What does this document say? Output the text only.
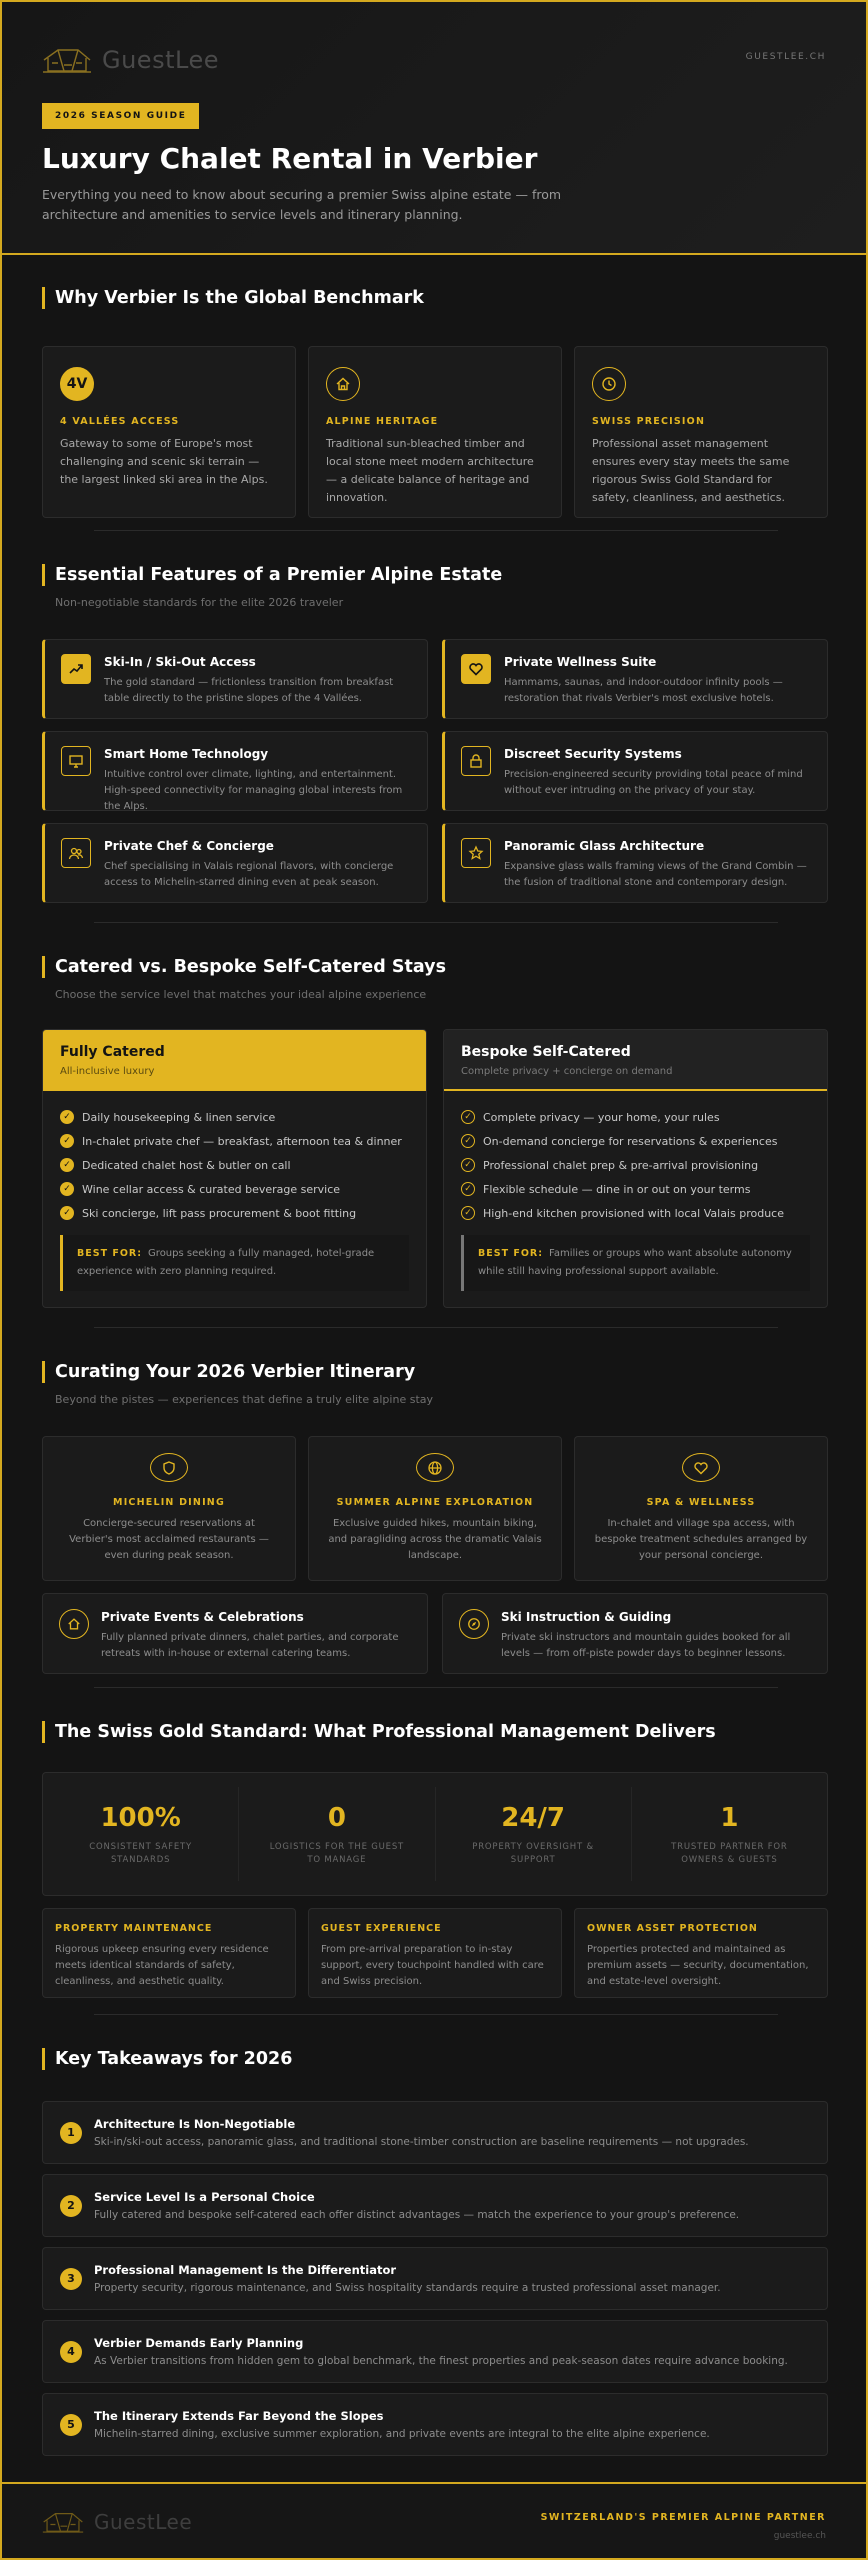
GuestLee	GUESTLEE.CH
2026 SEASON GUIDE
Luxury Chalet Rental in Verbier

Everything you need to know about securing a premier Swiss alpine estate — from architecture and amenities to service levels and itinerary planning.

Why Verbier Is the Global Benchmark
4V
4 VALLÉES ACCESS
Gateway to some of Europe's most challenging and scenic ski terrain — the largest linked ski area in the Alps.
ALPINE HERITAGE
Traditional sun-bleached timber and local stone meet modern architecture — a delicate balance of heritage and innovation.
SWISS PRECISION
Professional asset management ensures every stay meets the same rigorous Swiss Gold Standard for safety, cleanliness, and aesthetics.
Essential Features of a Premier Alpine Estate
Non-negotiable standards for the elite 2026 traveler
Ski-In / Ski-Out Access
The gold standard — frictionless transition from breakfast table directly to the pristine slopes of the 4 Vallées.
Private Wellness Suite
Hammams, saunas, and indoor-outdoor infinity pools — restoration that rivals Verbier's most exclusive hotels.
Smart Home Technology
Intuitive control over climate, lighting, and entertainment. High-speed connectivity for managing global interests from the Alps.
Discreet Security Systems
Precision-engineered security providing total peace of mind without ever intruding on the privacy of your stay.
Private Chef & Concierge
Chef specialising in Valais regional flavors, with concierge access to Michelin-starred dining even at peak season.
Panoramic Glass Architecture
Expansive glass walls framing views of the Grand Combin — the fusion of traditional stone and contemporary design.
Catered vs. Bespoke Self-Catered Stays
Choose the service level that matches your ideal alpine experience
Fully Catered
All-inclusive luxury
✓ Daily housekeeping & linen service
✓ In-chalet private chef — breakfast, afternoon tea & dinner
✓ Dedicated chalet host & butler on call
✓ Wine cellar access & curated beverage service
✓ Ski concierge, lift pass procurement & boot fitting
BEST FOR: Groups seeking a fully managed, hotel-grade experience with zero planning required.
Bespoke Self-Catered
Complete privacy + concierge on demand
✓ Complete privacy — your home, your rules
✓ On-demand concierge for reservations & experiences
✓ Professional chalet prep & pre-arrival provisioning
✓ Flexible schedule — dine in or out on your terms
✓ High-end kitchen provisioned with local Valais produce
BEST FOR: Families or groups who want absolute autonomy while still having professional support available.
Curating Your 2026 Verbier Itinerary
Beyond the pistes — experiences that define a truly elite alpine stay
MICHELIN DINING
Concierge-secured reservations at Verbier's most acclaimed restaurants — even during peak season.
SUMMER ALPINE EXPLORATION
Exclusive guided hikes, mountain biking, and paragliding across the dramatic Valais landscape.
SPA & WELLNESS
In-chalet and village spa access, with bespoke treatment schedules arranged by your personal concierge.
Private Events & Celebrations
Fully planned private dinners, chalet parties, and corporate retreats with in-house or external catering teams.
Ski Instruction & Guiding
Private ski instructors and mountain guides booked for all levels — from off-piste powder days to beginner lessons.
The Swiss Gold Standard: What Professional Management Delivers
100%
CONSISTENT SAFETY STANDARDS
0
LOGISTICS FOR THE GUEST TO MANAGE
24/7
PROPERTY OVERSIGHT & SUPPORT
1
TRUSTED PARTNER FOR OWNERS & GUESTS
PROPERTY MAINTENANCE
Rigorous upkeep ensuring every residence meets identical standards of safety, cleanliness, and aesthetic quality.
GUEST EXPERIENCE
From pre-arrival preparation to in-stay support, every touchpoint handled with care and Swiss precision.
OWNER ASSET PROTECTION
Properties protected and maintained as premium assets — security, documentation, and estate-level oversight.
Key Takeaways for 2026
1
Architecture Is Non-Negotiable
Ski-in/ski-out access, panoramic glass, and traditional stone-timber construction are baseline requirements — not upgrades.
2
Service Level Is a Personal Choice
Fully catered and bespoke self-catered each offer distinct advantages — match the experience to your group's preference.
3
Professional Management Is the Differentiator
Property security, rigorous maintenance, and Swiss hospitality standards require a trusted professional asset manager.
4
Verbier Demands Early Planning
As Verbier transitions from hidden gem to global benchmark, the finest properties and peak-season dates require advance booking.
5
The Itinerary Extends Far Beyond the Slopes
Michelin-starred dining, exclusive summer exploration, and private events are integral to the elite alpine experience.
GuestLee	SWITZERLAND'S PREMIER ALPINE PARTNER
guestlee.ch
